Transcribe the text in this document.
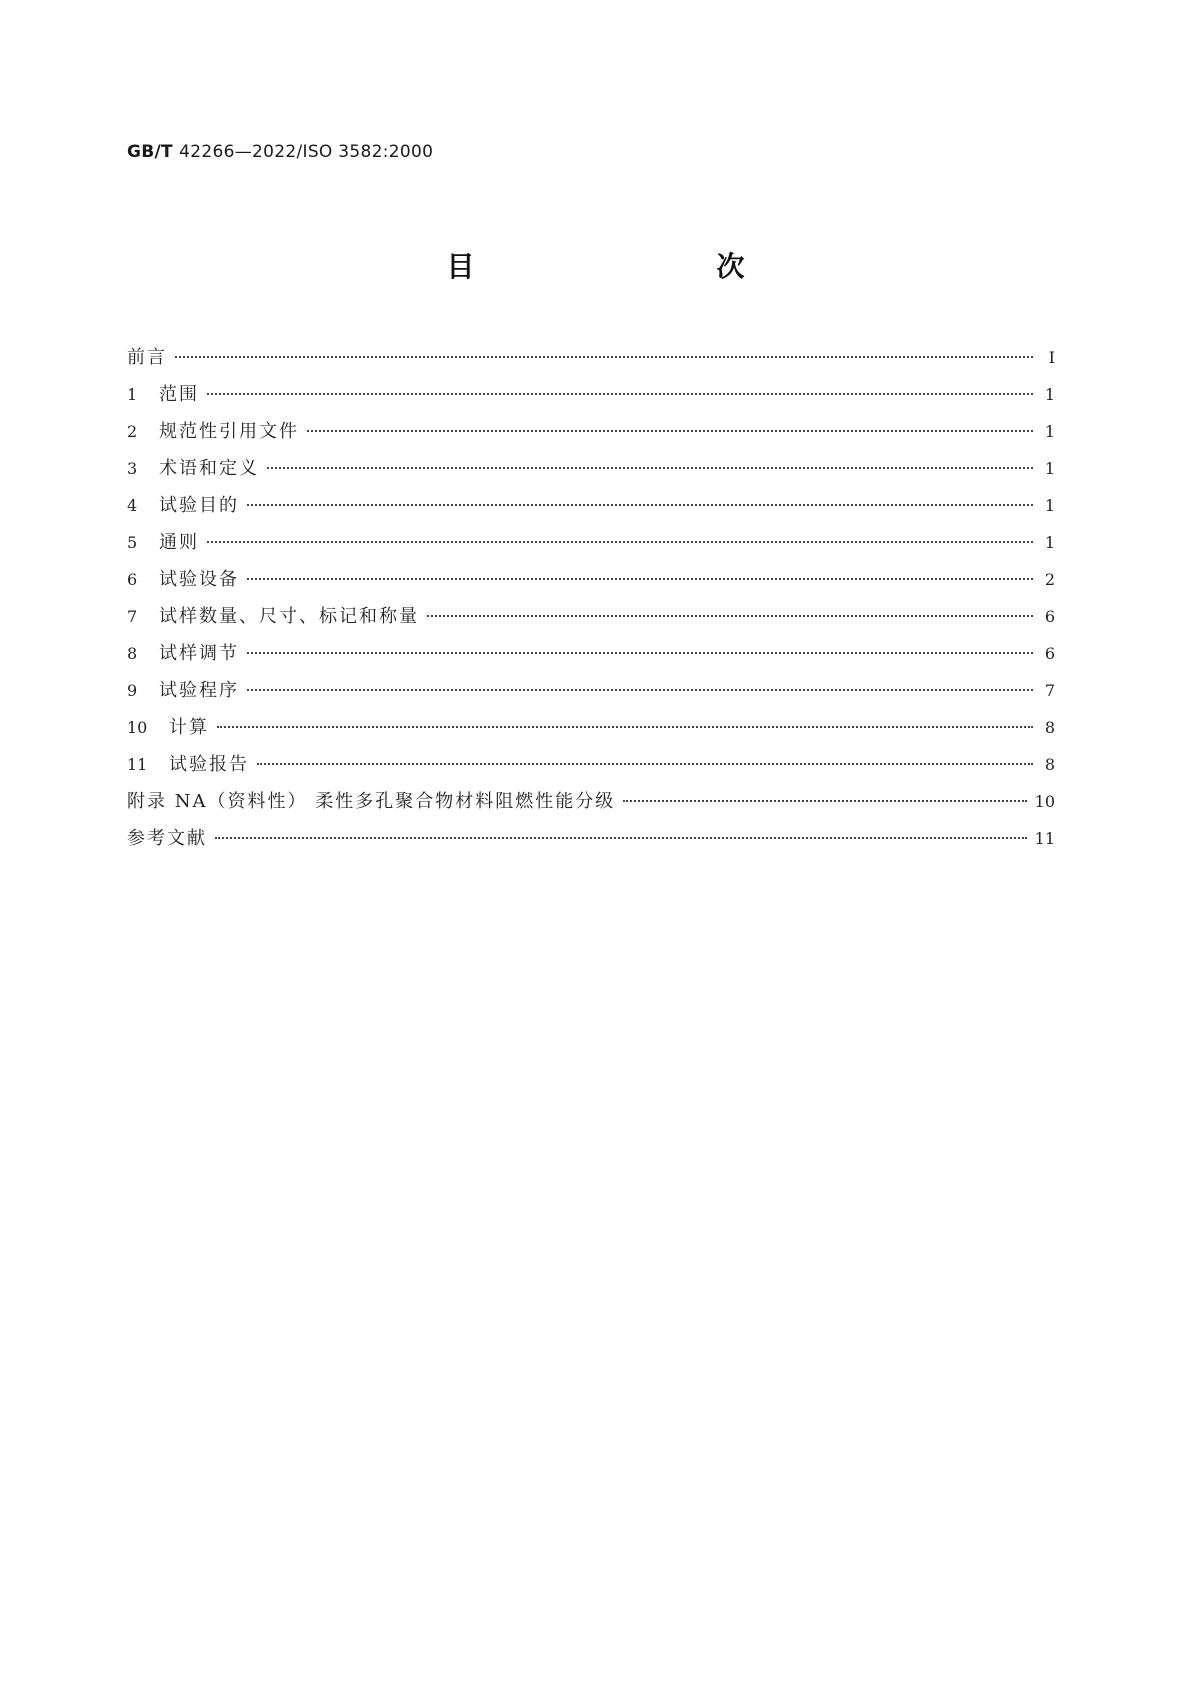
GB/T 42266—2022/ISO 3582:2000
目　　次
前言	Ⅰ
1	范围	1
2	规范性引用文件	1
3	术语和定义	1
4	试验目的	1
5	通则	1
6	试验设备	2
7	试样数量、尺寸、标记和称量	6
8	试样调节	6
9	试验程序	7
10	计算	8
11	试验报告	8
附录 NA（资料性） 柔性多孔聚合物材料阻燃性能分级	10
参考文献	11
